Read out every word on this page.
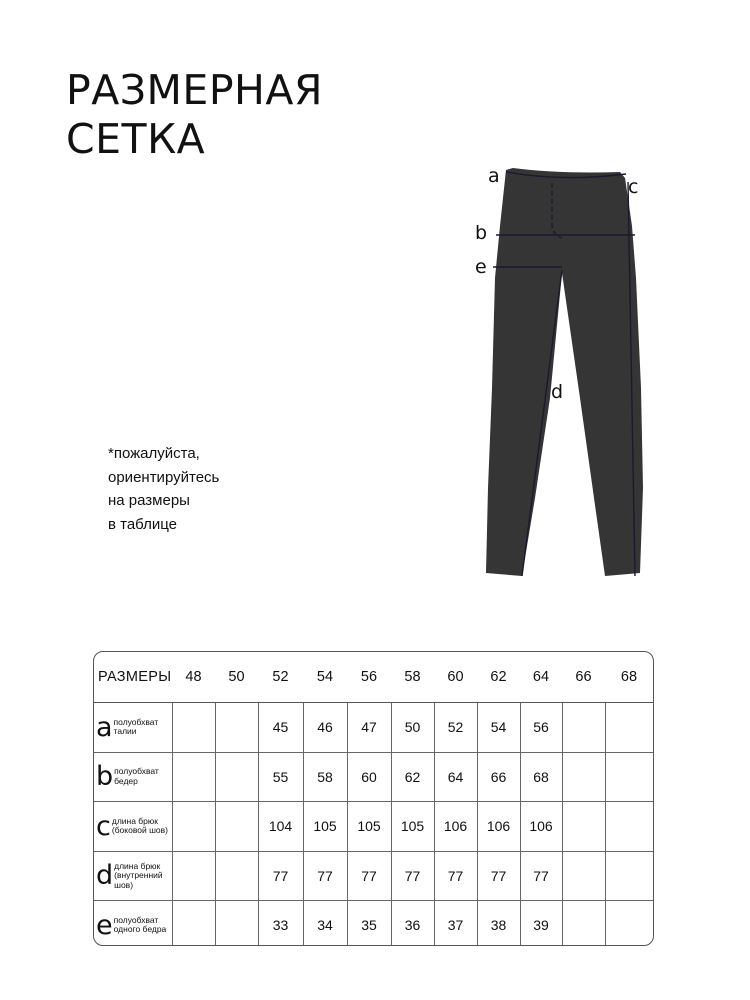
РАЗМЕРНАЯ
СЕТКА
*пожалуйста,
ориентируйтесь
на размеры
в таблице
a	c
b
e
d
РАЗМЕРЫ	48	50	52	54	56	58	60	62	64	66	68

a полуобхват талии			45	46	47	50	52	54	56		

b полуобхват бедер			55	58	60	62	64	66	68		

c длина брюк (боковой шов)			104	105	105	105	106	106	106		

d длина брюк (внутренний шов)			77	77	77	77	77	77	77		

e полуобхват одного бедра			33	34	35	36	37	38	39		
